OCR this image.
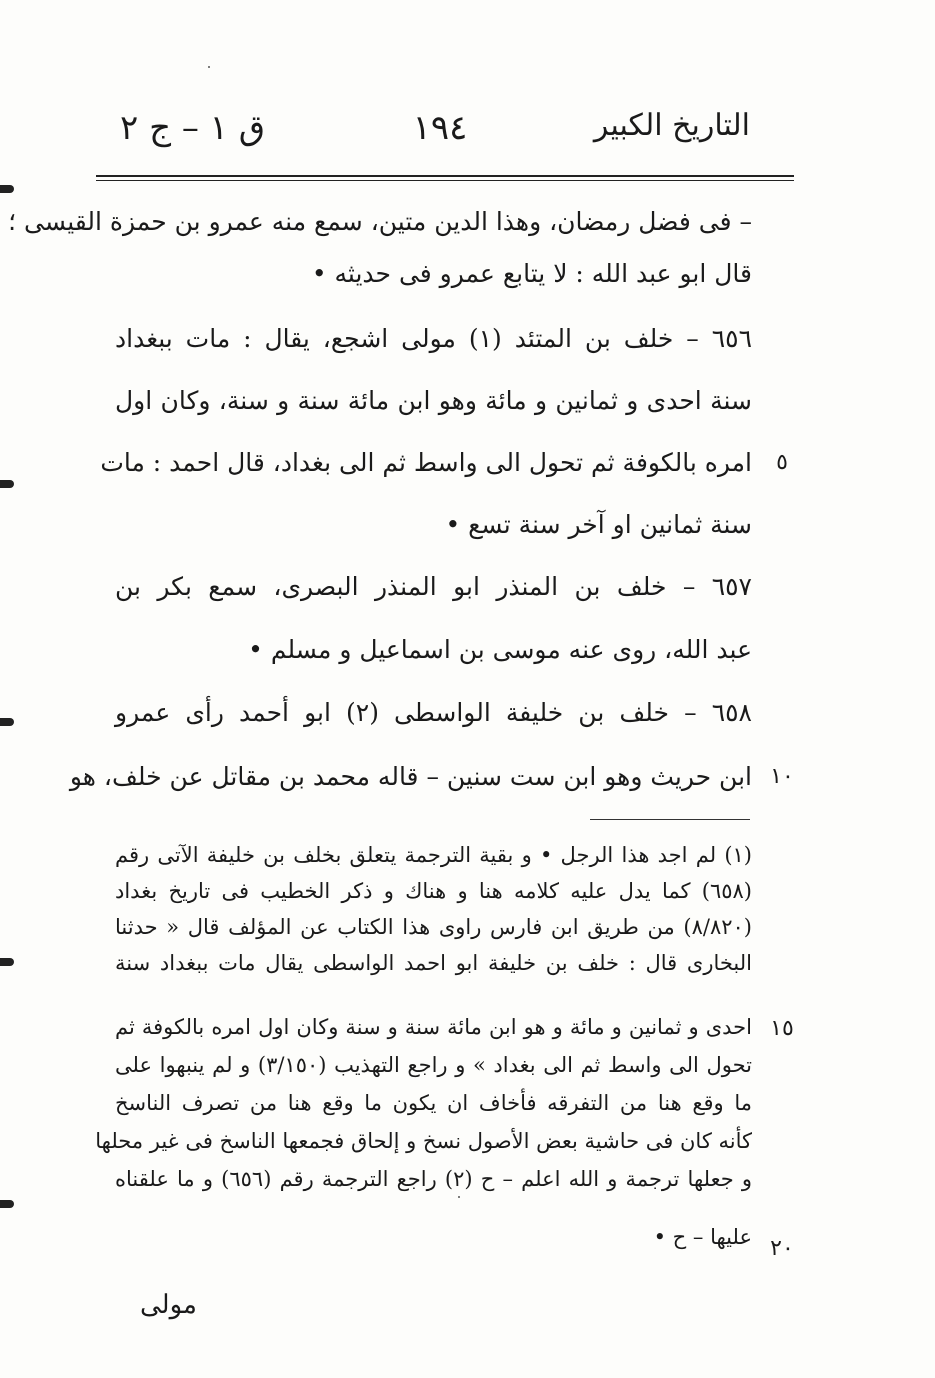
التاريخ الكبير
١٩٤
ق ١ – ج ٢
– فى فضل رمضان، وهذا الدين متين، سمع منه عمرو بن حمزة القيسى ؛
قال ابو عبد الله : لا يتابع عمرو فى حديثه •
٦٥٦ – خلف بن المتئد (١) مولى اشجع، يقال : مات ببغداد
سنة احدى و ثمانين و مائة وهو ابن مائة سنة و سنة، وكان اول
امره بالكوفة ثم تحول الى واسط ثم الى بغداد، قال احمد : مات
سنة ثمانين او آخر سنة تسع •
٦٥٧ – خلف بن المنذر ابو المنذر البصرى، سمع بكر بن
عبد الله، روى عنه موسى بن اسماعيل و مسلم •
٦٥٨ – خلف بن خليفة الواسطى (٢) ابو أحمد رأى عمرو
ابن حريث وهو ابن ست سنين – قاله محمد بن مقاتل عن خلف، هو
٥
١٠
١٥
٢٠
(١) لم اجد هذا الرجل • و بقية الترجمة يتعلق بخلف بن خليفة الآتى رقم
(٦٥٨) كما يدل عليه كلامه هنا و هناك و ذكر الخطيب فى تاريخ بغداد
(٨/٨٢٠) من طريق ابن فارس راوى هذا الكتاب عن المؤلف قال « حدثنا
البخارى قال : خلف بن خليفة ابو احمد الواسطى يقال مات ببغداد سنة
احدى و ثمانين و مائة و هو ابن مائة سنة و سنة وكان اول امره بالكوفة ثم
تحول الى واسط ثم الى بغداد » و راجع التهذيب (٣/١٥٠) و لم ينبهوا على
ما وقع هنا من التفرقه فأخاف ان يكون ما وقع هنا من تصرف الناسخ
كأنه كان فى حاشية بعض الأصول نسخ و إلحاق فجمعها الناسخ فى غير محلها
و جعلها ترجمة و الله اعلم – ح (٢) راجع الترجمة رقم (٦٥٦) و ما علقناه
عليها – ح •
مولى
